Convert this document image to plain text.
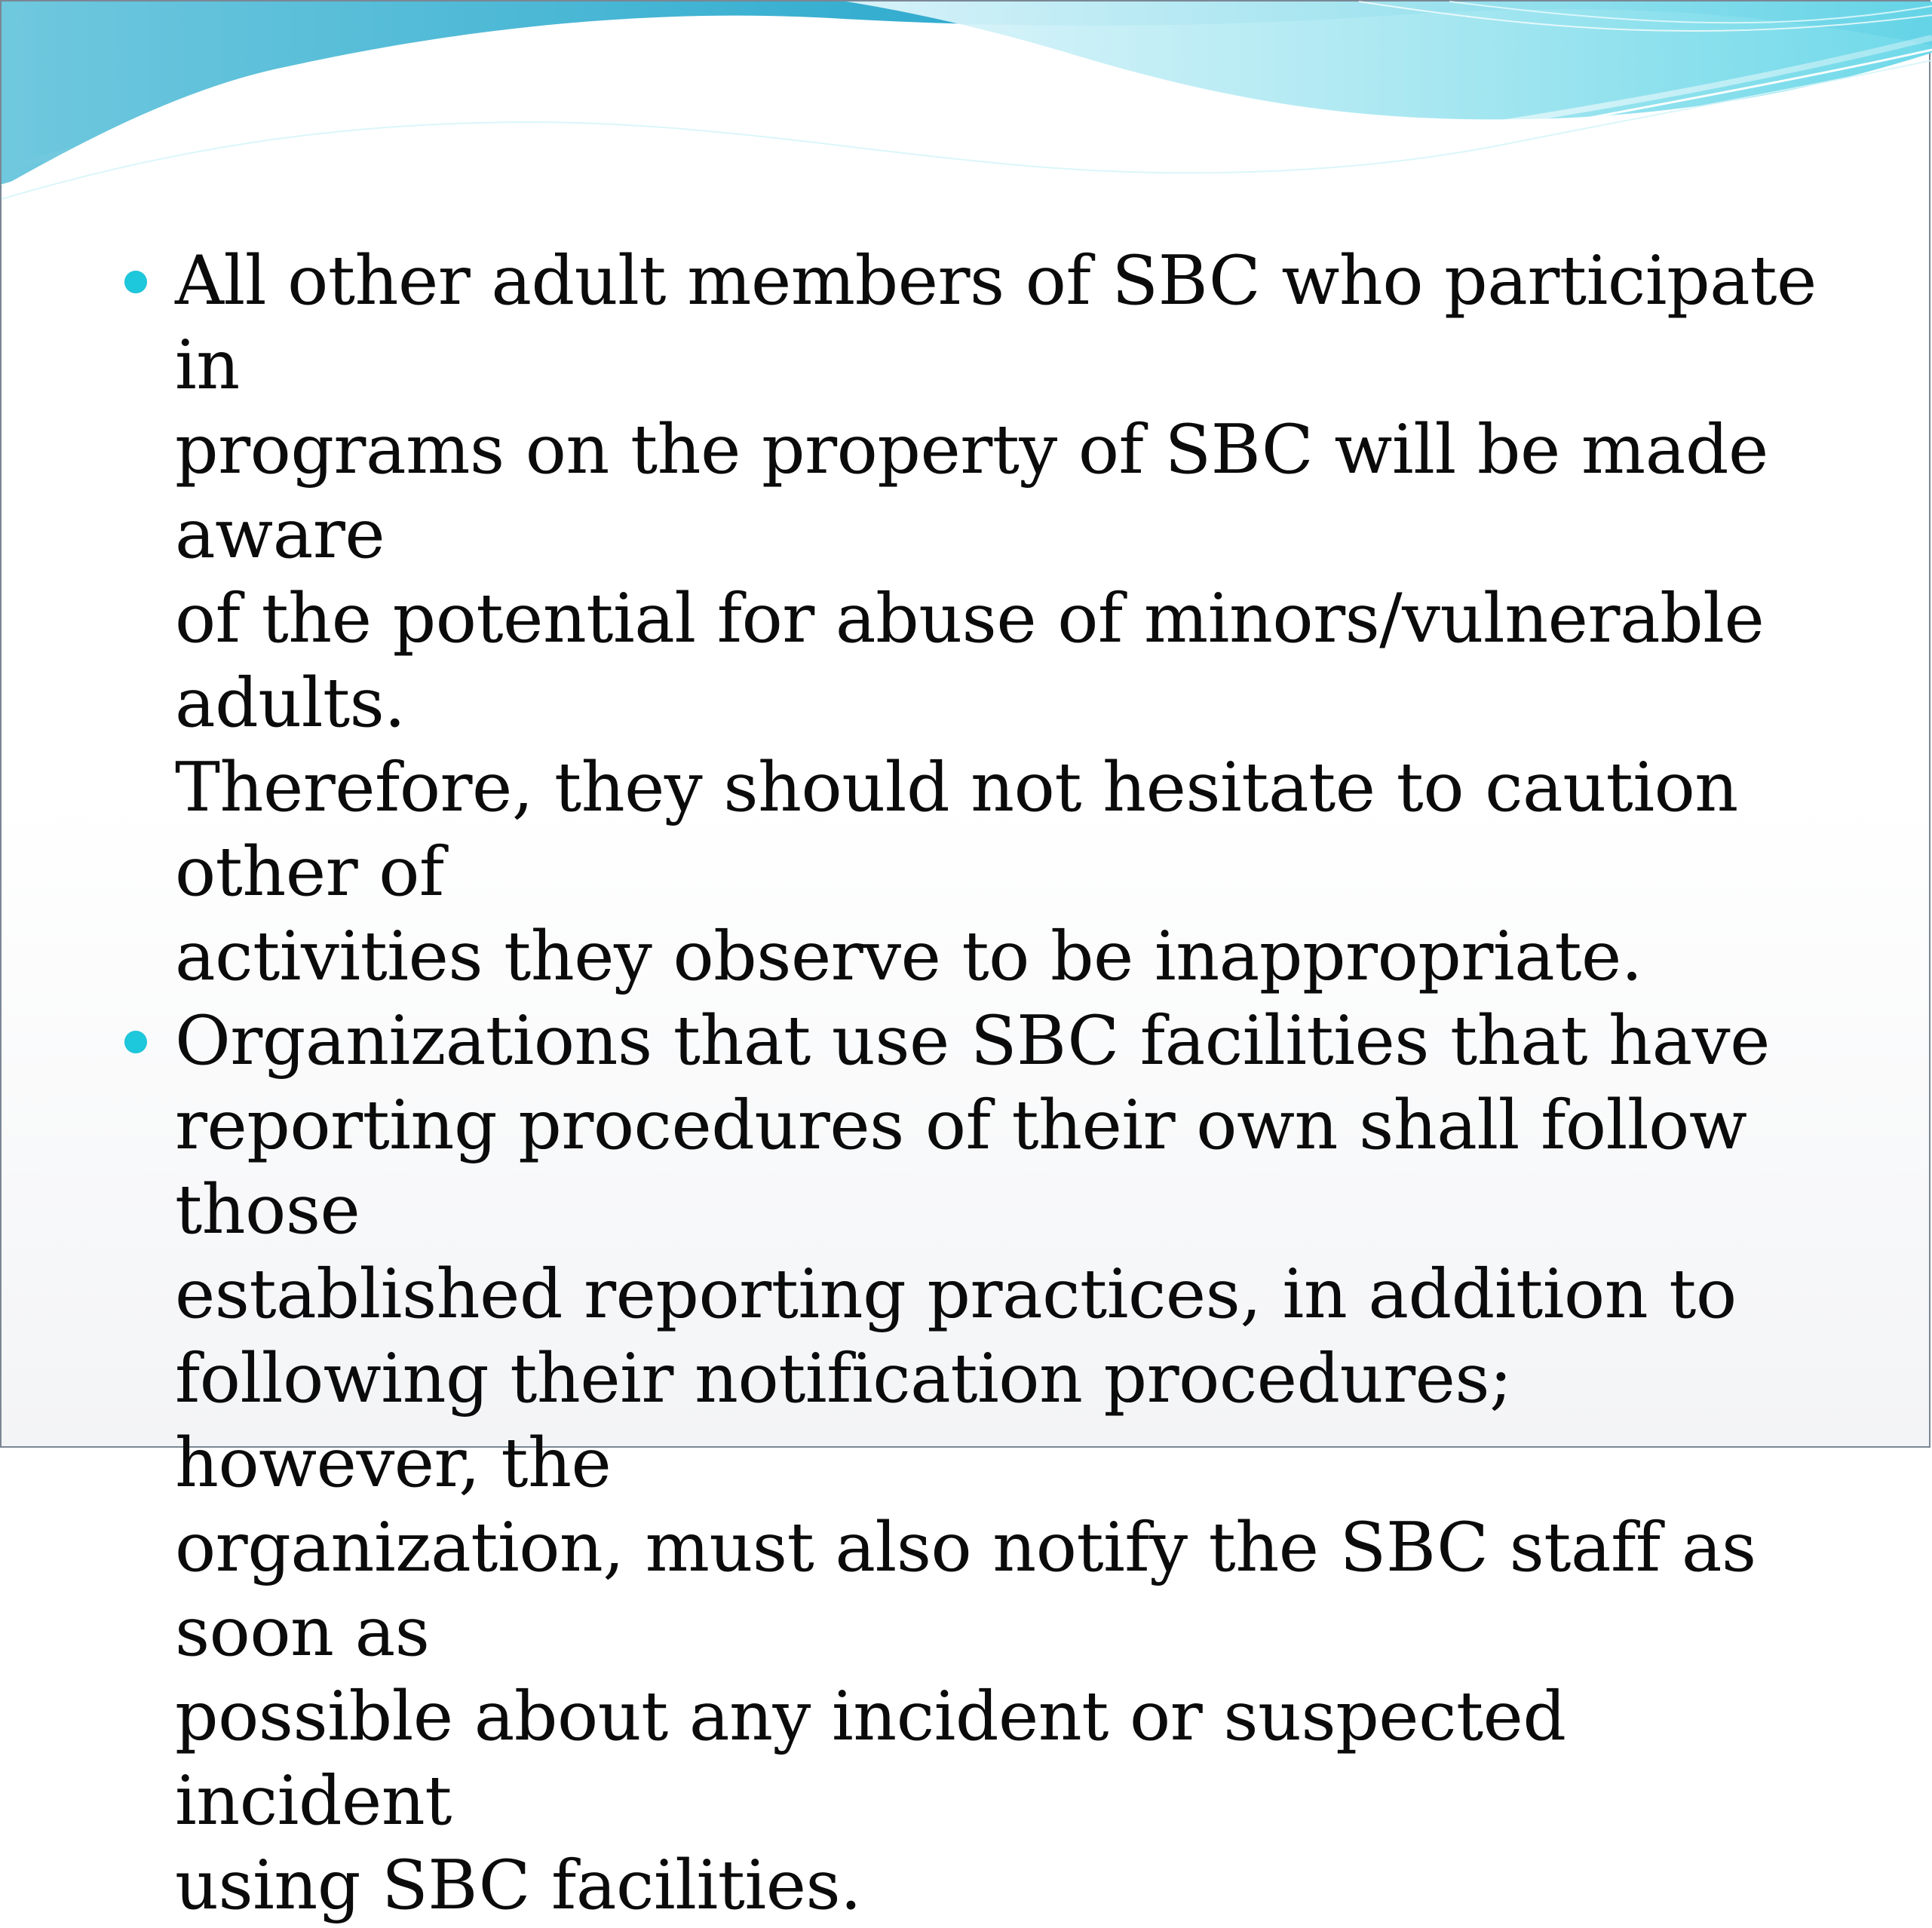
All other adult members of SBC who participate in
programs on the property of SBC will be made aware
of the potential for abuse of minors/vulnerable adults.
Therefore, they should not hesitate to caution other of
activities they observe to be inappropriate.
Organizations that use SBC facilities that have
reporting procedures of their own shall follow those
established reporting practices, in addition to
following their notification procedures; however, the
organization, must also notify the SBC staff as soon as
possible about any incident or suspected incident
using SBC facilities.
